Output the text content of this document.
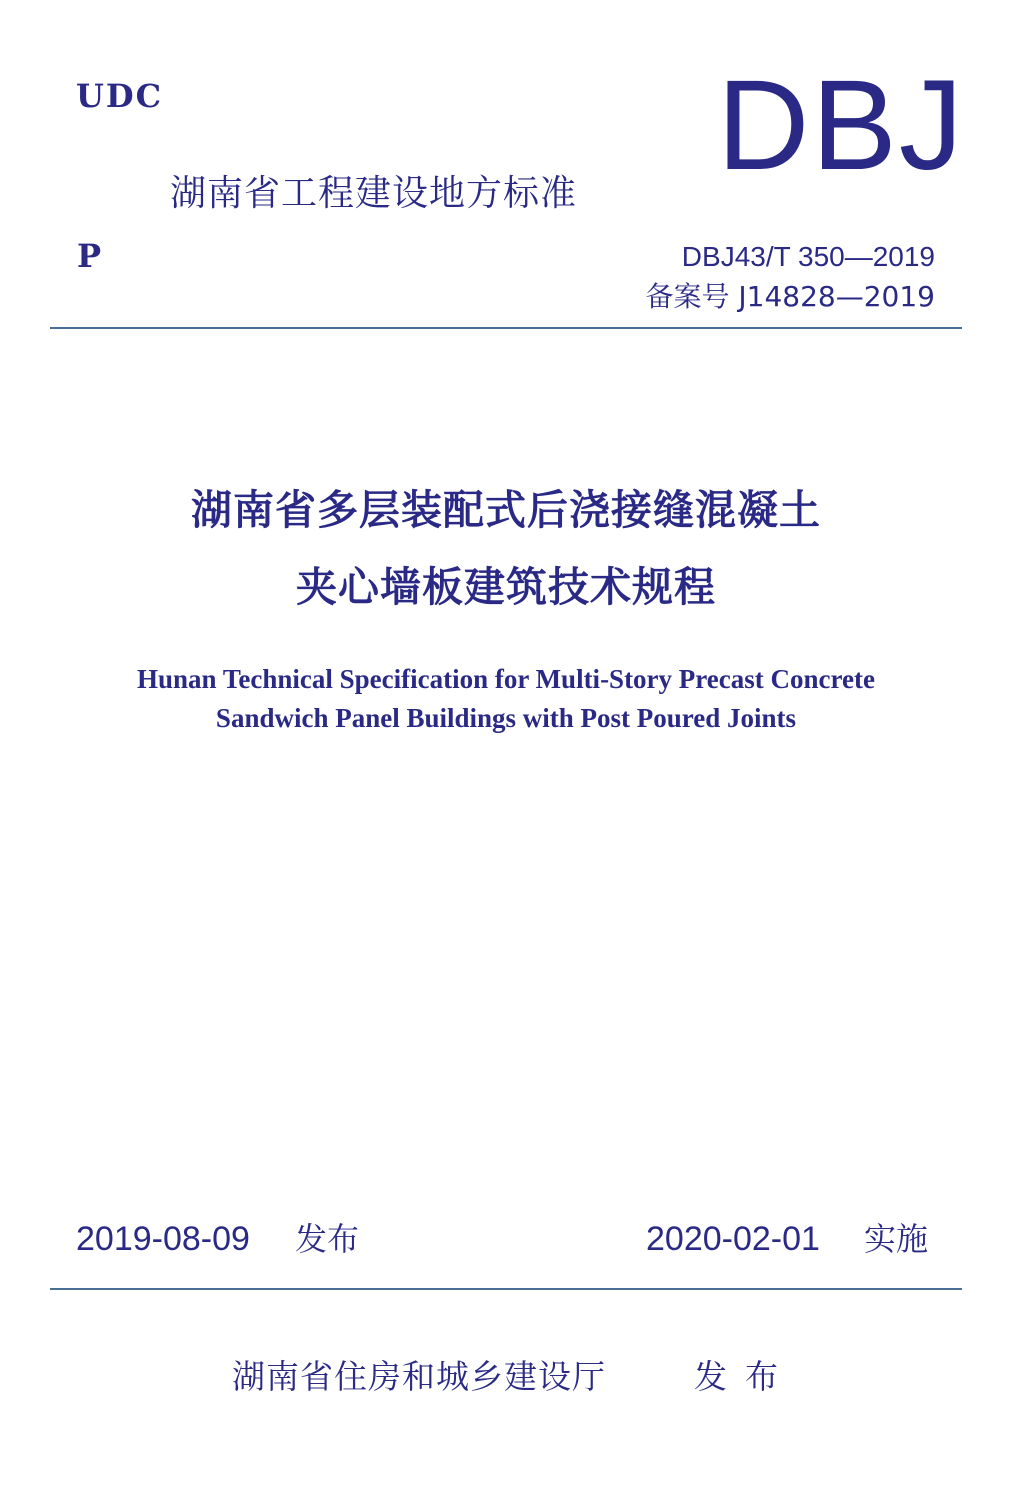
UDC
湖南省工程建设地方标准 DBJ
P	DBJ43/T 350—2019
备案号 J14828—2019
湖南省多层装配式后浇接缝混凝土
夹心墙板建筑技术规程
Hunan Technical Specification for Multi-Story Precast Concrete
Sandwich Panel Buildings with Post Poured Joints
2019-08-09 发布	2020-02-01 实施
湖南省住房和城乡建设厅	发布
